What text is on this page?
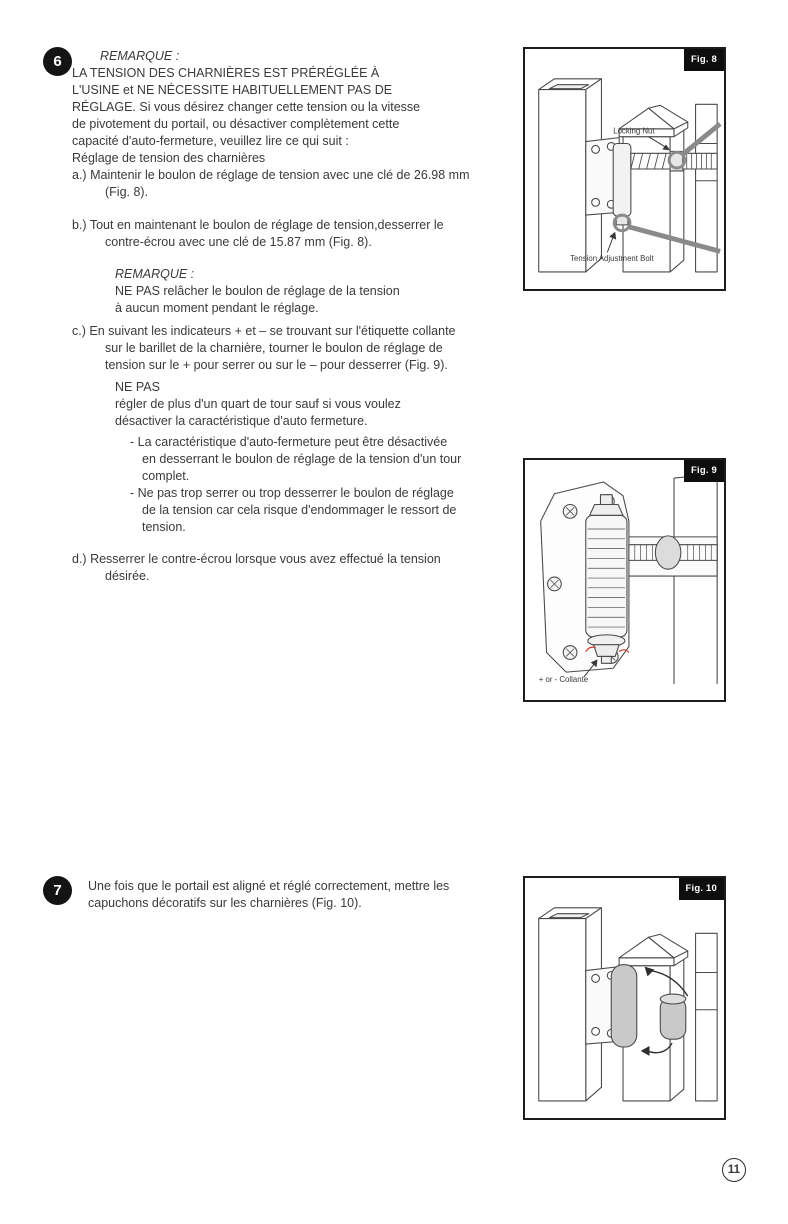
6	REMARQUE :

LA TENSION DES CHARNIÈRES EST PRÉRÉGLÉE À L'USINE et NE NÉCESSITE HABITUELLEMENT PAS DE RÉGLAGE. Si vous désirez changer cette tension ou la vitesse de pivotement du portail, ou désactiver complètement cette capacité d'auto-fermeture, veuillez lire ce qui suit :

Réglage de tension des charnières

a.) Maintenir le boulon de réglage de tension avec une clé de 26.98 mm (Fig. 8).
b.) Tout en maintenant le boulon de réglage de tension,desserrer le contre-écrou avec une clé de 15.87 mm (Fig. 8).
REMARQUE :

NE PAS relâcher le boulon de réglage de la tension à aucun moment pendant le réglage.

c.) En suivant les indicateurs + et – se trouvant sur l'étiquette collante sur le barillet de la charnière, tourner le boulon de réglage de tension sur le + pour serrer ou sur le – pour desserrer (Fig. 9).
NE PAS

régler de plus d'un quart de tour sauf si vous voulez désactiver la caractéristique d'auto fermeture.

- La caractéristique d'auto-fermeture peut être désactivée en desserrant le boulon de réglage de la tension d'un tour complet.
- Ne pas trop serrer ou trop desserrer le boulon de réglage de la tension car cela risque d'endommager le ressort de tension.
d.) Resserrer le contre-écrou lorsque vous avez effectué la tension désirée.
7	Une fois que le portail est aligné et réglé correctement, mettre les capuchons décoratifs sur les charnières (Fig. 10).

Locking Nut
Tension Adjustment Bolt
Fig. 8
+ or - Collante
Fig. 9
Fig. 10
11
